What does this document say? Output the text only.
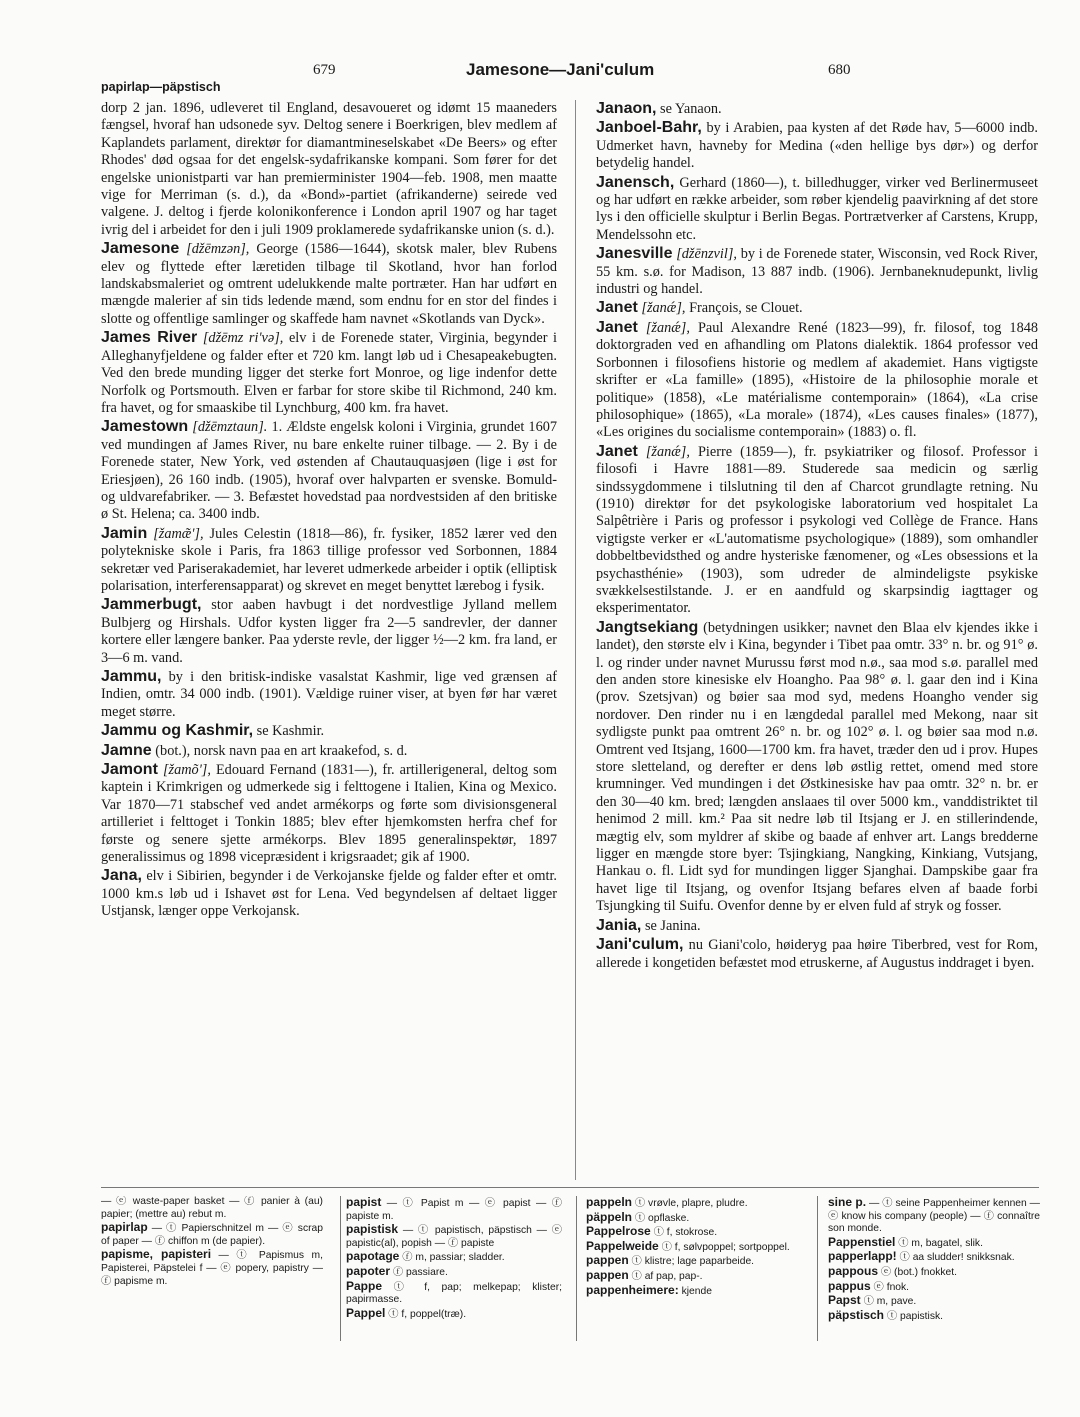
679	Jamesone—Jani'culum	680
papirlap—päpstisch

dorp 2 jan. 1896, udleveret til England, desavoueret og idømt 15 maaneders fængsel, hvoraf han udsonede syv. Deltog senere i Boerkrigen, blev medlem af Kaplandets parlament, direktør for diamantmineselskabet «De Beers» og efter Rhodes' død ogsaa for det engelsk-sydafrikanske kompani. Som fører for det engelske unionistparti var han premierminister 1904—feb. 1908, men maatte vige for Merriman (s. d.), da «Bond»-partiet (afrikanderne) seirede ved valgene. J. deltog i fjerde kolonikonference i London april 1907 og har taget ivrig del i arbeidet for den i juli 1909 proklamerede sydafrikanske union (s. d.).

Jamesone [džēmzən], George (1586—1644), skotsk maler, blev Rubens elev og flyttede efter læretiden tilbage til Skotland, hvor han forlod landskabsmaleriet og omtrent udelukkende malte portræter. Han har udført en mængde malerier af sin tids ledende mænd, som endnu for en stor del findes i slotte og offentlige samlinger og skaffede ham navnet «Skotlands van Dyck».

James River [džēmz ri'və], elv i de Forenede stater, Virginia, begynder i Alleghanyfjeldene og falder efter et 720 km. langt løb ud i Chesapeakebugten. Ved den brede munding ligger det sterke fort Monroe, og lige indenfor dette Norfolk og Portsmouth. Elven er farbar for store skibe til Richmond, 240 km. fra havet, og for smaaskibe til Lynchburg, 400 km. fra havet.

Jamestown [džēmztaun]. 1. Ældste engelsk koloni i Virginia, grundet 1607 ved mundingen af James River, nu bare enkelte ruiner tilbage. — 2. By i de Forenede stater, New York, ved østenden af Chautauquasjøen (lige i øst for Eriesjøen), 26 160 indb. (1905), hvoraf over halvparten er svenske. Bomuld- og uldvarefabriker. — 3. Befæstet hovedstad paa nordvestsiden af den britiske ø St. Helena; ca. 3400 indb.

Jamin [žamæ̃'], Jules Celestin (1818—86), fr. fysiker, 1852 lærer ved den polytekniske skole i Paris, fra 1863 tillige professor ved Sorbonnen, 1884 sekretær ved Pariserakademiet, har leveret udmerkede arbeider i optik (elliptisk polarisation, interferensapparat) og skrevet en meget benyttet lærebog i fysik.

Jammerbugt, stor aaben havbugt i det nordvestlige Jylland mellem Bulbjerg og Hirshals. Udfor kysten ligger fra 2—5 sandrevler, der danner kortere eller længere banker. Paa yderste revle, der ligger ½—2 km. fra land, er 3—6 m. vand.

Jammu, by i den britisk-indiske vasalstat Kashmir, lige ved grænsen af Indien, omtr. 34 000 indb. (1901). Vældige ruiner viser, at byen før har været meget større.

Jammu og Kashmir, se Kashmir.

Jamne (bot.), norsk navn paa en art kraakefod, s. d.

Jamont [žamõ'], Edouard Fernand (1831—), fr. artillerigeneral, deltog som kaptein i Krimkrigen og udmerkede sig i felttogene i Italien, Kina og Mexico. Var 1870—71 stabschef ved andet armékorps og førte som divisionsgeneral artilleriet i felttoget i Tonkin 1885; blev efter hjemkomsten herfra chef for første og senere sjette armékorps. Blev 1895 generalinspektør, 1897 generalissimus og 1898 vicepræsident i krigsraadet; gik af 1900.

Jana, elv i Sibirien, begynder i de Verkojanske fjelde og falder efter et omtr. 1000 km.s løb ud i Ishavet øst for Lena. Ved begyndelsen af deltaet ligger Ustjansk, længer oppe Verkojansk.

Janaon, se Yanaon.

Janboel-Bahr, by i Arabien, paa kysten af det Røde hav, 5—6000 indb. Udmerket havn, havneby for Medina («den hellige bys dør») og derfor betydelig handel.

Janensch, Gerhard (1860—), t. billedhugger, virker ved Berlinermuseet og har udført en række arbeider, som røber kjendelig paavirkning af det store lys i den officielle skulptur i Berlin Begas. Portrætverker af Carstens, Krupp, Mendelssohn etc.

Janesville [džēnzvil], by i de Forenede stater, Wisconsin, ved Rock River, 55 km. s.ø. for Madison, 13 887 indb. (1906). Jernbaneknudepunkt, livlig industri og handel.

Janet [žanǽ], François, se Clouet.

Janet [žanǽ], Paul Alexandre René (1823—99), fr. filosof, tog 1848 doktorgraden ved en afhandling om Platons dialektik. 1864 professor ved Sorbonnen i filosofiens historie og medlem af akademiet. Hans vigtigste skrifter er «La famille» (1895), «Histoire de la philosophie morale et politique» (1858), «Le matérialisme contemporain» (1864), «La crise philosophique» (1865), «La morale» (1874), «Les causes finales» (1877), «Les origines du socialisme contemporain» (1883) o. fl.

Janet [žanǽ], Pierre (1859—), fr. psykiatriker og filosof. Professor i filosofi i Havre 1881—89. Studerede saa medicin og særlig sindssygdommene i tilslutning til den af Charcot grundlagte retning. Nu (1910) direktør for det psykologiske laboratorium ved hospitalet La Salpêtrière i Paris og professor i psykologi ved Collège de France. Hans vigtigste verker er «L'automatisme psychologique» (1889), som omhandler dobbeltbevidsthed og andre hysteriske fænomener, og «Les obsessions et la psychasthénie» (1903), som udreder de almindeligste psykiske svækkelsestilstande. J. er en aandfuld og skarpsindig iagttager og eksperimentator.

Jangtsekiang (betydningen usikker; navnet den Blaa elv kjendes ikke i landet), den største elv i Kina, begynder i Tibet paa omtr. 33° n. br. og 91° ø. l. og rinder under navnet Murussu først mod n.ø., saa mod s.ø. parallel med den anden store kinesiske elv Hoangho. Paa 98° ø. l. gaar den ind i Kina (prov. Szetsjvan) og bøier saa mod syd, medens Hoangho vender sig nordover. Den rinder nu i en længdedal parallel med Mekong, naar sit sydligste punkt paa omtrent 26° n. br. og 102° ø. l. og bøier saa mod n.ø. Omtrent ved Itsjang, 1600—1700 km. fra havet, træder den ud i prov. Hupes store sletteland, og derefter er dens løb østlig rettet, omend med store krumninger. Ved mundingen i det Østkinesiske hav paa omtr. 32° n. br. er den 30—40 km. bred; længden anslaaes til over 5000 km., vanddistriktet til henimod 2 mill. km.² Paa sit nedre løb til Itsjang er J. en stillerindende, mægtig elv, som myldrer af skibe og baade af enhver art. Langs bredderne ligger en mængde store byer: Tsjingkiang, Nangking, Kinkiang, Vutsjang, Hankau o. fl. Lidt syd for mundingen ligger Sjanghai. Dampskibe gaar fra havet lige til Itsjang, og ovenfor Itsjang befares elven af baade forbi Tsjungking til Suifu. Ovenfor denne by er elven fuld af stryk og fosser.

Jania, se Janina.

Jani'culum, nu Giani'colo, høideryg paa høire Tiberbred, vest for Rom, allerede i kongetiden befæstet mod etruskerne, af Augustus inddraget i byen.

— ⓔ waste-paper basket — ⓕ panier à (au) papier; (mettre au) rebut m.

papirlap — ⓣ Papierschnitzel m — ⓔ scrap of paper — ⓕ chiffon m (de papier).

papisme, papisteri — ⓣ Papismus m, Papisterei, Päpstelei f — ⓔ popery, papistry — ⓕ papisme m.

papist — ⓣ Papist m — ⓔ papist — ⓕ papiste m.

papistisk — ⓣ papistisch, päpstisch — ⓔ papistic(al), popish — ⓕ papiste

papotage ⓕ m, passiar; sladder.

papoter ⓕ passiare.

Pappe ⓣ f, pap; melkepap; klister; papirmasse.

Pappel ⓣ f, poppel(træ).

pappeln ⓣ vrøvle, plapre, pludre.

päppeln ⓣ opflaske.

Pappelrose ⓣ f, stokrose.

Pappelweide ⓣ f, sølvpoppel; sortpoppel.

pappen ⓣ klistre; lage paparbeide.

pappen ⓣ af pap, pap-.

pappenheimere: kjende

sine p. — ⓣ seine Pappenheimer kennen — ⓔ know his company (people) — ⓕ connaître son monde.

Pappenstiel ⓣ m, bagatel, slik.

papperlapp! ⓣ aa sludder! snikksnak.

pappous ⓔ (bot.) fnokket.

pappus ⓔ fnok.

Papst ⓣ m, pave.

päpstisch ⓣ papistisk.
